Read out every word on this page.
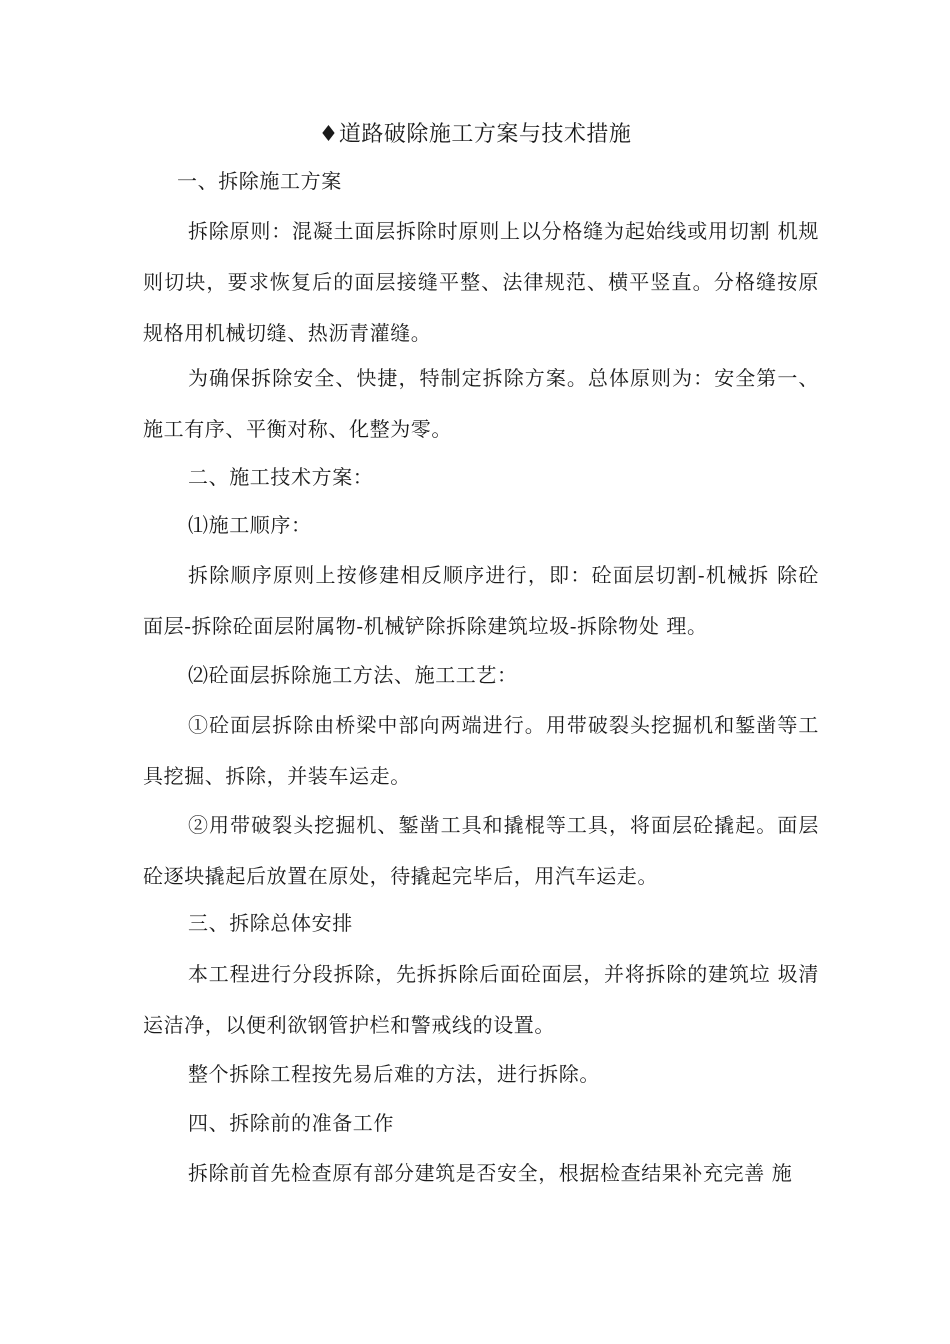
♦道路破除施工方案与技术措施
一、拆除施工方案
拆除原则：混凝土面层拆除时原则上以分格缝为起始线或用切割 机规则切块，要求恢复后的面层接缝平整、法律规范、横平竖直。分格缝按原规格用机械切缝、热沥青灌缝。
为确保拆除安全、快捷，特制定拆除方案。总体原则为：安全第一、施工有序、平衡对称、化整为零。
二、施工技术方案：
⑴施工顺序：
拆除顺序原则上按修建相反顺序进行，即：砼面层切割-机械拆 除砼面层-拆除砼面层附属物-机械铲除拆除建筑垃圾-拆除物处 理。
⑵砼面层拆除施工方法、施工工艺：
①砼面层拆除由桥梁中部向两端进行。用带破裂头挖掘机和錾凿等工具挖掘、拆除，并装车运走。
②用带破裂头挖掘机、錾凿工具和撬棍等工具，将面层砼撬起。面层砼逐块撬起后放置在原处，待撬起完毕后，用汽车运走。
三、拆除总体安排
本工程进行分段拆除，先拆拆除后面砼面层，并将拆除的建筑垃 圾清运洁净，以便利欲钢管护栏和警戒线的设置。
整个拆除工程按先易后难的方法，进行拆除。
四、拆除前的准备工作
拆除前首先检查原有部分建筑是否安全，根据检查结果补充完善 施
